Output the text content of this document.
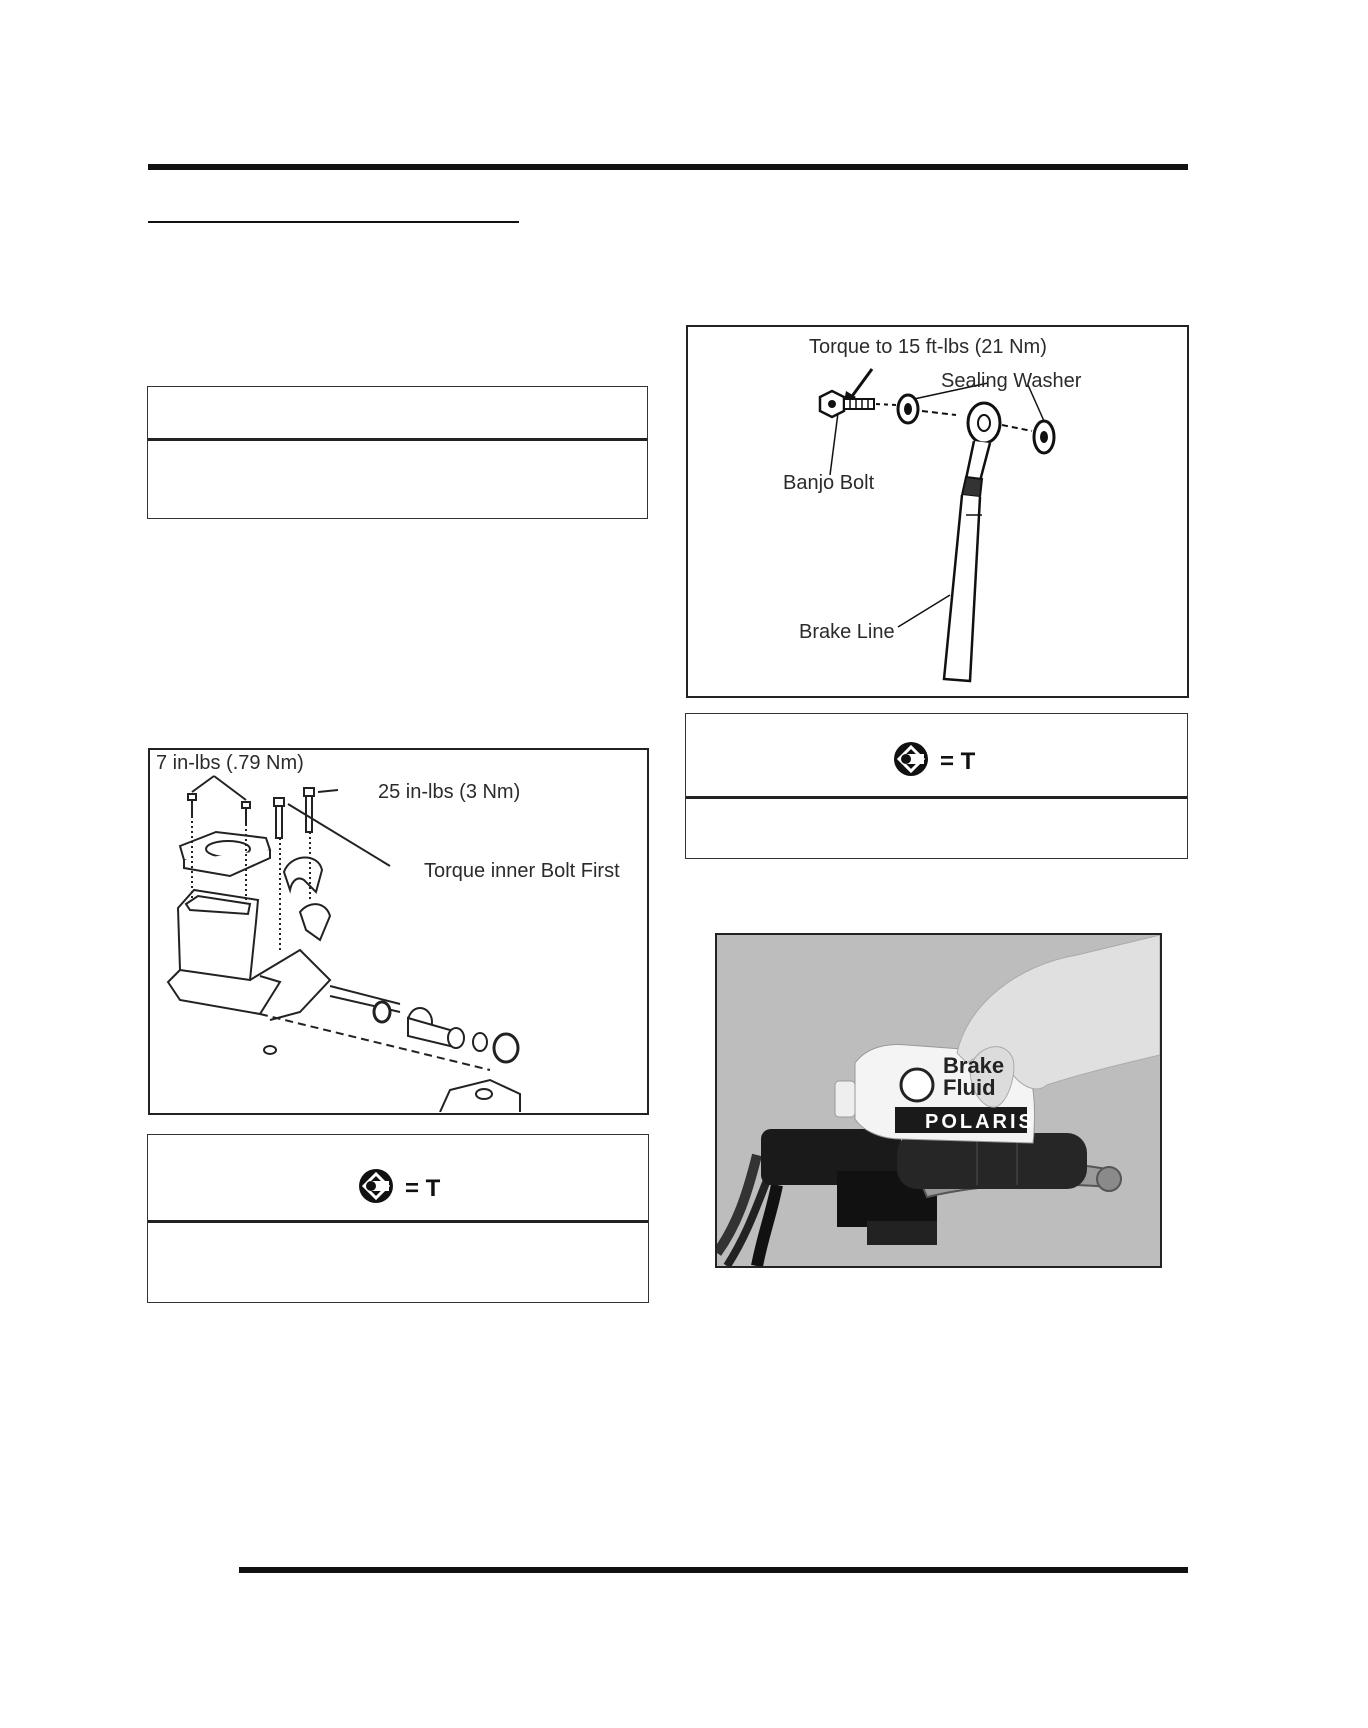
Torque to 15 ft-lbs (21 Nm)
Sealing Washer
Banjo Bolt
Brake Line
= T
7 in-lbs (.79 Nm)
25 in-lbs (3 Nm)
Torque inner Bolt First
= T
POLARIS
Brake
Fluid
